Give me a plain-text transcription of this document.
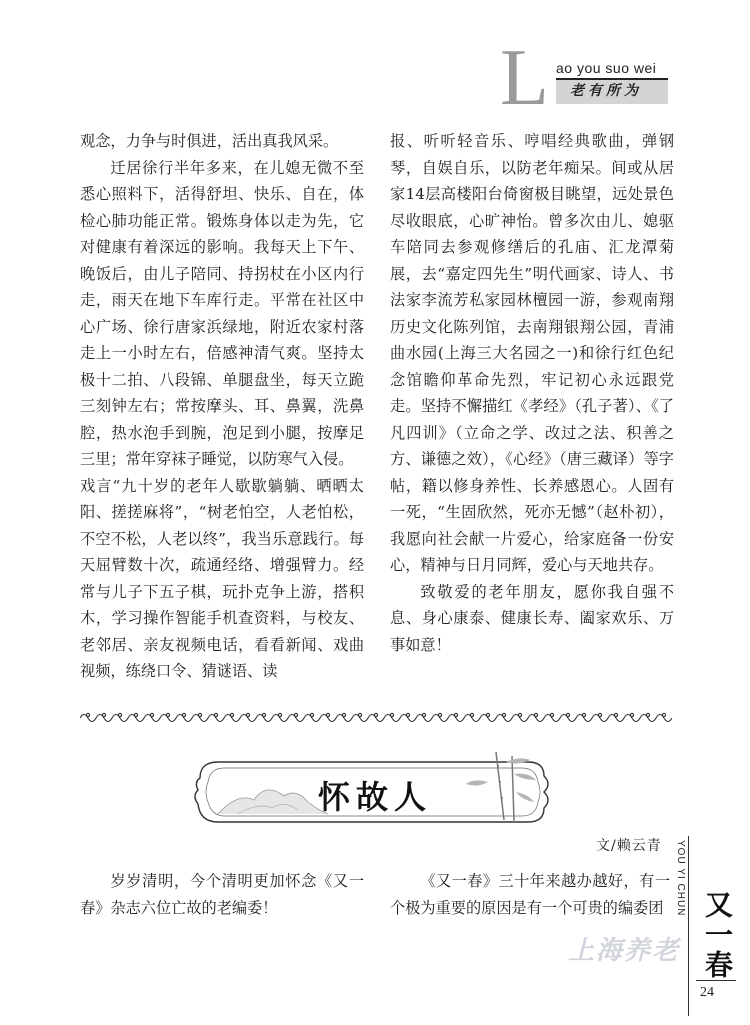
L ao you suo wei
老有所为

观念，力争与时俱进，活出真我风采。

迁居徐行半年多来，在儿媳无微不至悉心照料下，活得舒坦、快乐、自在，体检心肺功能正常。锻炼身体以走为先，它对健康有着深远的影响。我每天上下午、晚饭后，由儿子陪同、持拐杖在小区内行走，雨天在地下车库行走。平常在社区中心广场、徐行唐家浜绿地，附近农家村落走上一小时左右，倍感神清气爽。坚持太极十二拍、八段锦、单腿盘坐，每天立跪三刻钟左右；常按摩头、耳、鼻翼，洗鼻腔，热水泡手到腕，泡足到小腿，按摩足三里；常年穿袜子睡觉，以防寒气入侵。

戏言“九十岁的老年人歇歇躺躺、晒晒太阳、搓搓麻将”，“树老怕空，人老怕松，不空不松，人老以终”，我当乐意践行。每天屈臂数十次，疏通经络、增强臂力。经常与儿子下五子棋，玩扑克争上游，搭积木，学习操作智能手机查资料，与校友、老邻居、亲友视频电话，看看新闻、戏曲视频，练绕口令、猜谜语、读

报、听听轻音乐、哼唱经典歌曲，弹钢琴，自娱自乐，以防老年痴呆。间或从居家14层高楼阳台倚窗极目眺望，远处景色尽收眼底，心旷神怡。曾多次由儿、媳驱车陪同去参观修缮后的孔庙、汇龙潭菊展，去“嘉定四先生”明代画家、诗人、书法家李流芳私家园林檀园一游，参观南翔历史文化陈列馆，去南翔银翔公园，青浦曲水园(上海三大名园之一)和徐行红色纪念馆瞻仰革命先烈，牢记初心永远跟党走。坚持不懈描红《孝经》（孔子著）、《了凡四训》（立命之学、改过之法、积善之方、谦德之效），《心经》（唐三藏译）等字帖，籍以修身养性、长养感恩心。人固有一死，“生固欣然，死亦无憾”（赵朴初），我愿向社会献一片爱心，给家庭备一份安心，精神与日月同辉，爱心与天地共存。

致敬爱的老年朋友，愿你我自强不息、身心康泰、健康长寿、阖家欢乐、万事如意！

怀故人
文/赖云青

岁岁清明，今个清明更加怀念《又一春》杂志六位亡故的老编委！

《又一春》三十年来越办越好，有一个极为重要的原因是有一个可贵的编委团

上海养老
YOU YI CHUN
又一春
24
